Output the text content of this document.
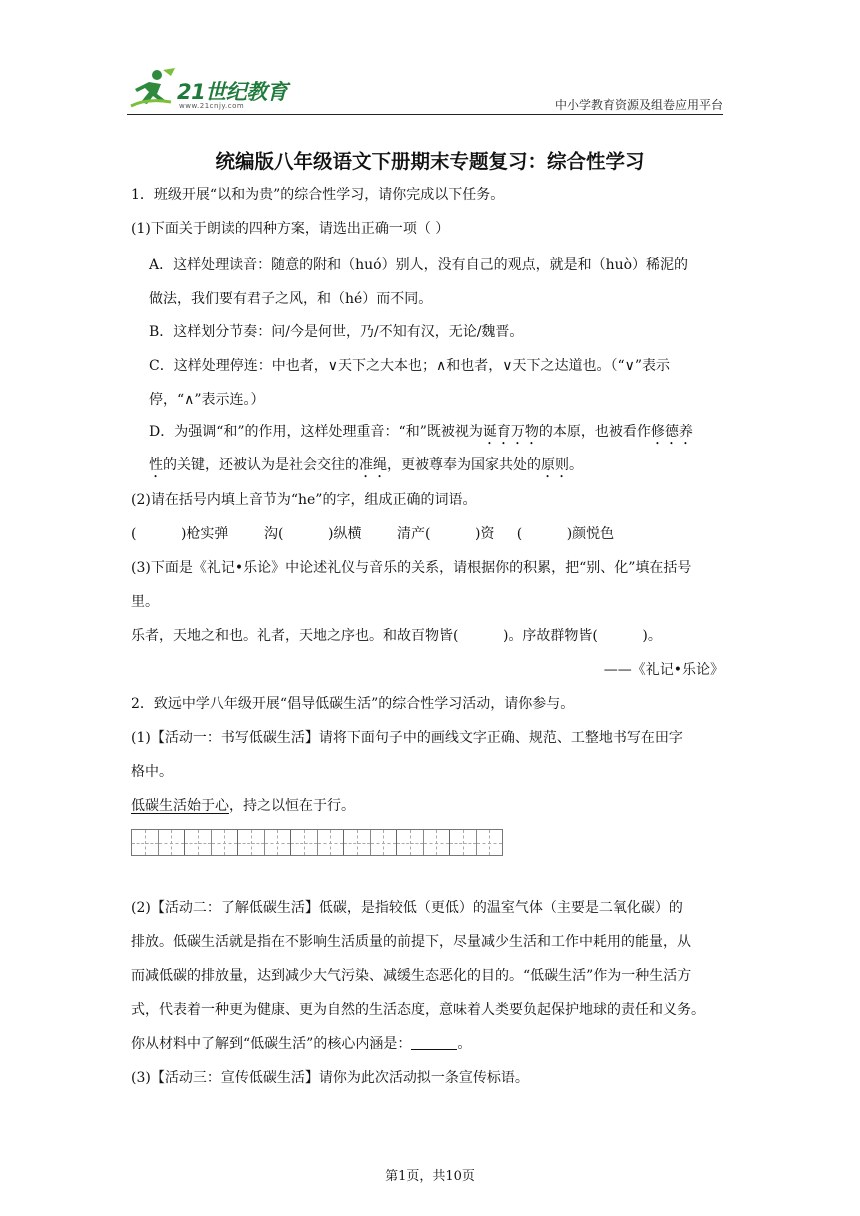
21世纪教育
www.21cnjy.com	中小学教育资源及组卷应用平台
统编版八年级语文下册期末专题复习：综合性学习
1．班级开展“以和为贵”的综合性学习，请你完成以下任务。
(1)下面关于朗读的四种方案，请选出正确一项（ ）
A．这样处理读音：随意的附和（huó）别人，没有自己的观点，就是和（huò）稀泥的
做法，我们要有君子之风，和（hé）而不同。
B．这样划分节奏：问/今是何世，乃/不知有汉，无论/魏晋。
C．这样处理停连：中也者，∨天下之大本也；∧和也者，∨天下之达道也。（“∨”表示
停，“∧”表示连。）
D．为强调“和”的作用，这样处理重音：“和”既被视为诞育万物的本原，也被看作修德养
性的关键，还被认为是社会交往的准绳，更被尊奉为国家共处的原则。
(2)请在括号内填上音节为“he”的字，组成正确的词语。
(          )枪实弹        沟(          )纵横        清产(          )资     (          )颜悦色
(3)下面是《礼记•乐论》中论述礼仪与音乐的关系，请根据你的积累，把“别、化”填在括号
里。
乐者，天地之和也。礼者，天地之序也。和故百物皆(          )。序故群物皆(          )。
——《礼记•乐论》
2．致远中学八年级开展“倡导低碳生活”的综合性学习活动，请你参与。
(1)【活动一：书写低碳生活】请将下面句子中的画线文字正确、规范、工整地书写在田字
格中。
低碳生活始于心，持之以恒在于行。
(2)【活动二：了解低碳生活】低碳，是指较低（更低）的温室气体（主要是二氧化碳）的
排放。低碳生活就是指在不影响生活质量的前提下，尽量减少生活和工作中耗用的能量，从
而减低碳的排放量，达到减少大气污染、减缓生态恶化的目的。“低碳生活”作为一种生活方
式，代表着一种更为健康、更为自然的生活态度，意味着人类要负起保护地球的责任和义务。
你从材料中了解到“低碳生活”的核心内涵是：	。
(3)【活动三：宣传低碳生活】请你为此次活动拟一条宣传标语。
第1页，共10页
